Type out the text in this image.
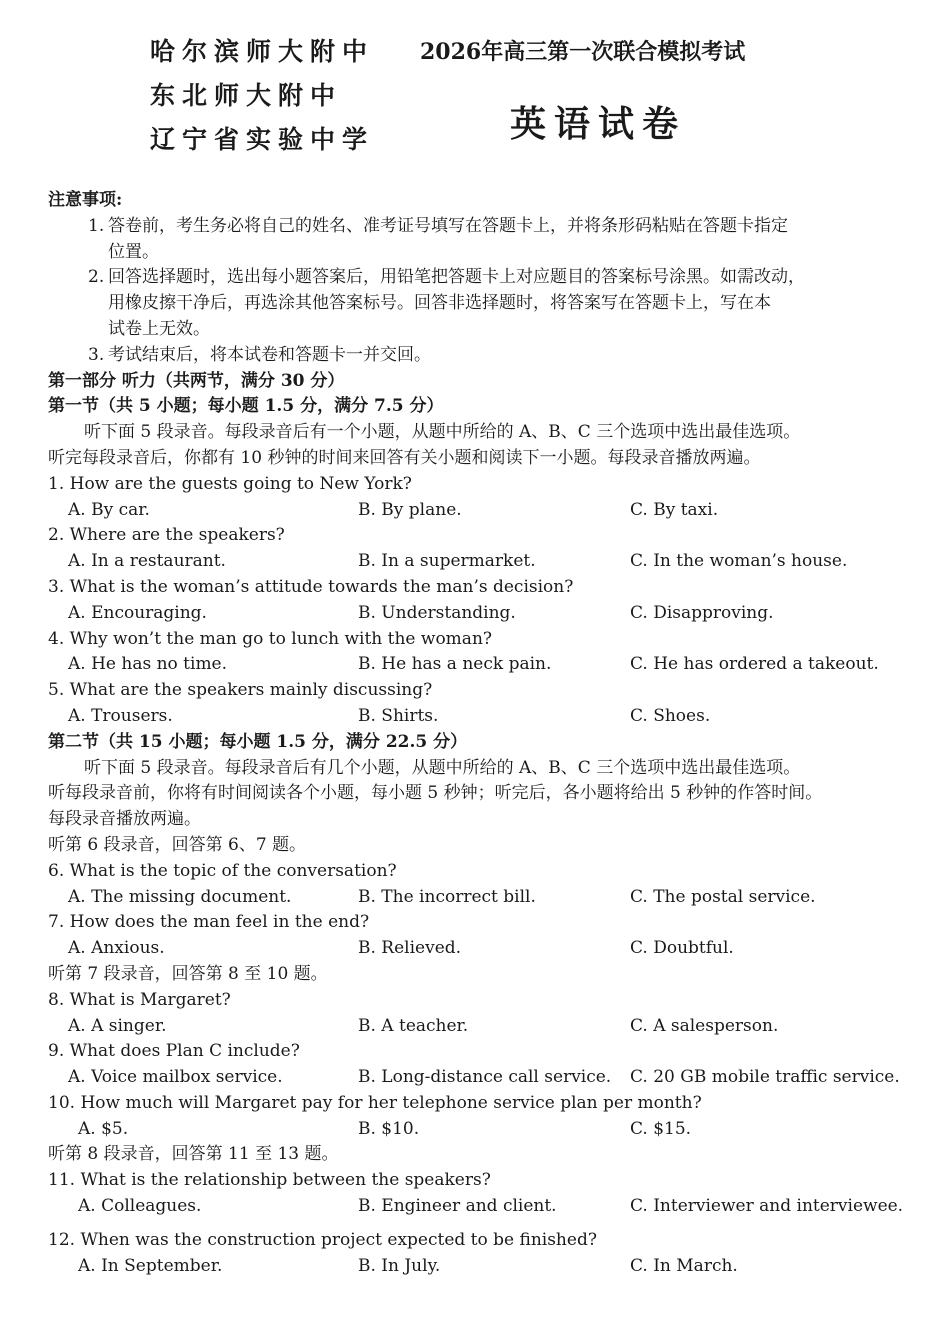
哈尔滨师大附中
东北师大附中
辽宁省实验中学
2026年高三第一次联合模拟考试
英语试卷
注意事项:
1. 答卷前，考生务必将自己的姓名、准考证号填写在答题卡上，并将条形码粘贴在答题卡指定
位置。
2. 回答选择题时，选出每小题答案后，用铅笔把答题卡上对应题目的答案标号涂黑。如需改动，
用橡皮擦干净后，再选涂其他答案标号。回答非选择题时，将答案写在答题卡上，写在本
试卷上无效。
3. 考试结束后，将本试卷和答题卡一并交回。
第一部分 听力（共两节，满分 30 分）
第一节（共 5 小题；每小题 1.5 分，满分 7.5 分）
听下面 5 段录音。每段录音后有一个小题，从题中所给的 A、B、C 三个选项中选出最佳选项。
听完每段录音后，你都有 10 秒钟的时间来回答有关小题和阅读下一小题。每段录音播放两遍。
1. How are the guests going to New York?
A. By car.	B. By plane.	C. By taxi.
2. Where are the speakers?
A. In a restaurant.	B. In a supermarket.	C. In the woman’s house.
3. What is the woman’s attitude towards the man’s decision?
A. Encouraging.	B. Understanding.	C. Disapproving.
4. Why won’t the man go to lunch with the woman?
A. He has no time.	B. He has a neck pain.	C. He has ordered a takeout.
5. What are the speakers mainly discussing?
A. Trousers.	B. Shirts.	C. Shoes.
第二节（共 15 小题；每小题 1.5 分，满分 22.5 分）
听下面 5 段录音。每段录音后有几个小题，从题中所给的 A、B、C 三个选项中选出最佳选项。
听每段录音前，你将有时间阅读各个小题，每小题 5 秒钟；听完后，各小题将给出 5 秒钟的作答时间。
每段录音播放两遍。
听第 6 段录音，回答第 6、7 题。
6. What is the topic of the conversation?
A. The missing document.	B. The incorrect bill.	C. The postal service.
7. How does the man feel in the end?
A. Anxious.	B. Relieved.	C. Doubtful.
听第 7 段录音，回答第 8 至 10 题。
8. What is Margaret?
A. A singer.	B. A teacher.	C. A salesperson.
9. What does Plan C include?
A. Voice mailbox service.	B. Long-distance call service. C. 20 GB mobile traffic service.
10. How much will Margaret pay for her telephone service plan per month?
A. $5.	B. $10.	C. $15.
听第 8 段录音，回答第 11 至 13 题。
11. What is the relationship between the speakers?
A. Colleagues.	B. Engineer and client.	C. Interviewer and interviewee.
12. When was the construction project expected to be finished?
A. In September.	B. In July.	C. In March.
